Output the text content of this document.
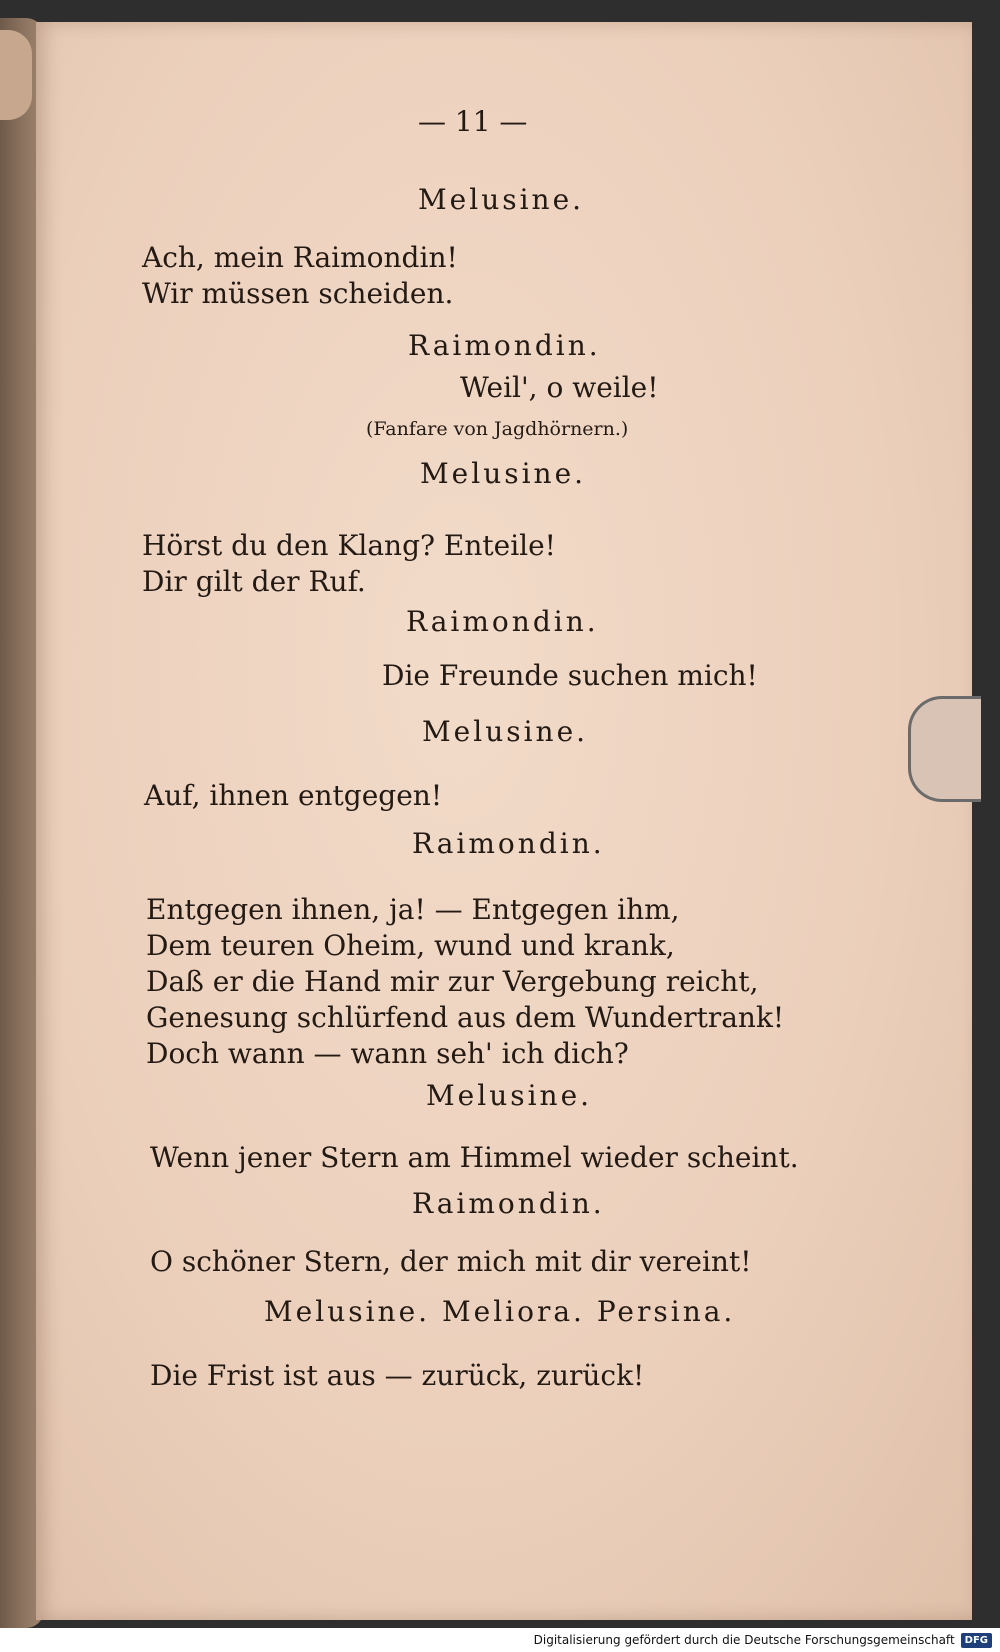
— 11 —
Melusine.
Ach, mein Raimondin!
Wir müssen scheiden.
Raimondin.
Weil', o weile!
(Fanfare von Jagdhörnern.)
Melusine.
Hörst du den Klang? Enteile!
Dir gilt der Ruf.
Raimondin.
Die Freunde suchen mich!
Melusine.
Auf, ihnen entgegen!
Raimondin.
Entgegen ihnen, ja! — Entgegen ihm,
Dem teuren Oheim, wund und krank,
Daß er die Hand mir zur Vergebung reicht,
Genesung schlürfend aus dem Wundertrank!
Doch wann — wann seh' ich dich?
Melusine.
Wenn jener Stern am Himmel wieder scheint.
Raimondin.
O schöner Stern, der mich mit dir vereint!
Melusine. Meliora. Persina.
Die Frist ist aus — zurück, zurück!
Digitalisierung gefördert durch die Deutsche Forschungsgemeinschaft	DFG
